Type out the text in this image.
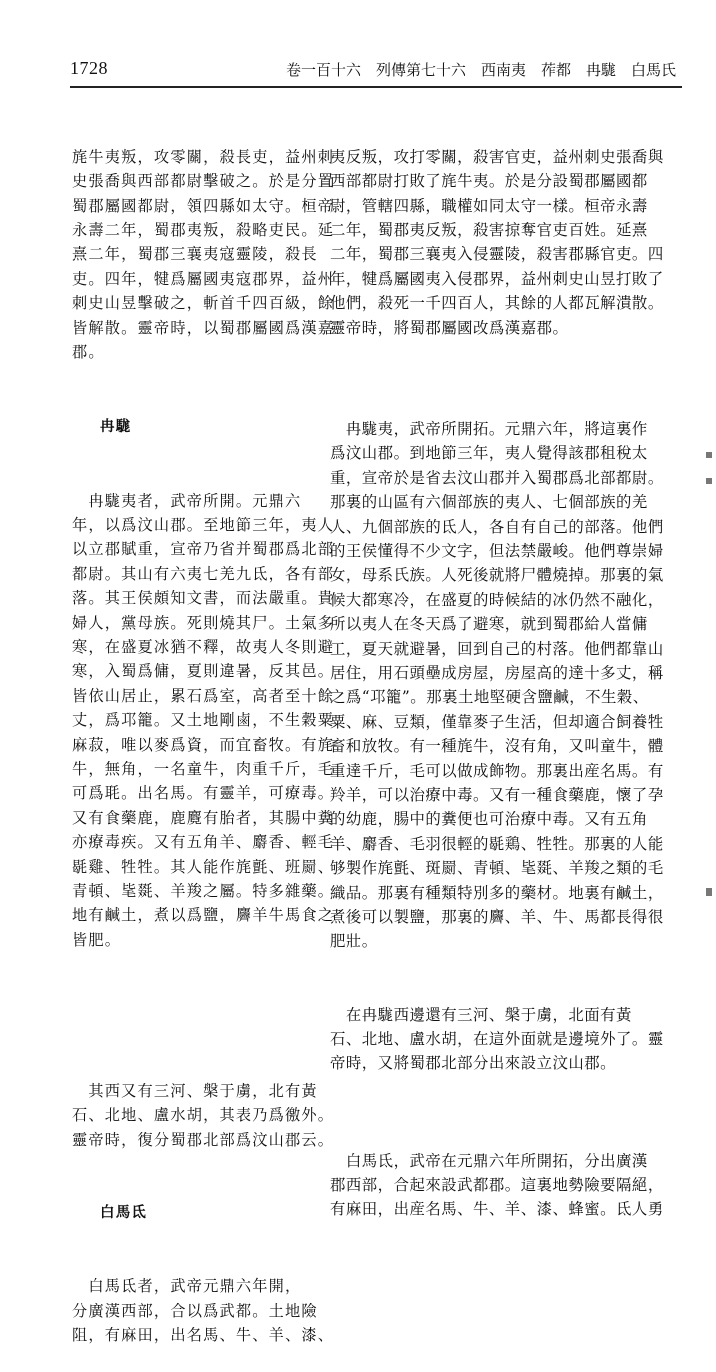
1728	卷一百十六　列傳第七十六　西南夷　莋都　冉駹　白馬氏

旄牛夷叛，攻零關，殺長吏，益州刺
史張喬與西部都尉擊破之。於是分置
蜀郡屬國都尉，領四縣如太守。桓帝
永壽二年，蜀郡夷叛，殺略吏民。延
熹二年，蜀郡三襄夷寇靈陵，殺長
吏。四年，犍爲屬國夷寇郡界，益州
刺史山昱擊破之，斬首千四百級，餘
皆解散。靈帝時，以蜀郡屬國爲漢嘉
郡。

冉駹

　冉駹夷者，武帝所開。元鼎六
年，以爲汶山郡。至地節三年，夷人
以立郡賦重，宣帝乃省并蜀郡爲北部
都尉。其山有六夷七羌九氐，各有部
落。其王侯頗知文書，而法嚴重。貴
婦人，黨母族。死則燒其尸。土氣多
寒，在盛夏冰猶不釋，故夷人冬則避
寒，入蜀爲傭，夏則違暑，反其邑。
皆依山居止，累石爲室，高者至十餘
丈，爲邛籠。又土地剛鹵，不生穀粟
麻菽，唯以麥爲資，而宜畜牧。有旄
牛，無角，一名童牛，肉重千斤，毛
可爲毦。出名馬。有靈羊，可療毒。
又有食藥鹿，鹿麑有胎者，其腸中糞
亦療毒疾。又有五角羊、麝香、輕毛
毼雞、牲牲。其人能作旄氈、班罽、
青頓、毞毲、羊羧之屬。特多雜藥。
地有鹹土，煮以爲鹽，麡羊牛馬食之
皆肥。

　其西又有三河、槃于虜，北有黃
石、北地、盧水胡，其表乃爲徼外。
靈帝時，復分蜀郡北部爲汶山郡云。

白馬氐

　白馬氐者，武帝元鼎六年開，
分廣漢西部，合以爲武都。土地險
阻，有麻田，出名馬、牛、羊、漆、

夷反叛，攻打零關，殺害官吏，益州刺史張喬與
西部都尉打敗了旄牛夷。於是分設蜀郡屬國都
尉，管轄四縣，職權如同太守一樣。桓帝永壽
二年，蜀郡夷反叛，殺害掠奪官吏百姓。延熹
二年，蜀郡三襄夷入侵靈陵，殺害郡縣官吏。四
年，犍爲屬國夷入侵郡界，益州刺史山昱打敗了
他們，殺死一千四百人，其餘的人都瓦解潰散。
靈帝時，將蜀郡屬國改爲漢嘉郡。

　冉駹夷，武帝所開拓。元鼎六年，將這裏作
爲汶山郡。到地節三年，夷人覺得該郡租稅太
重，宣帝於是省去汶山郡并入蜀郡爲北部都尉。
那裏的山區有六個部族的夷人、七個部族的羌
人、九個部族的氐人，各自有自己的部落。他們
的王侯懂得不少文字，但法禁嚴峻。他們尊崇婦
女，母系氏族。人死後就將尸體燒掉。那裏的氣
候大都寒冷，在盛夏的時候結的冰仍然不融化，
所以夷人在冬天爲了避寒，就到蜀郡給人當傭
工，夏天就避暑，回到自己的村落。他們都靠山
居住，用石頭壘成房屋，房屋高的達十多丈，稱
之爲“邛籠”。那裏土地堅硬含鹽鹹，不生穀、
粟、麻、豆類，僅靠麥子生活，但却適合飼養牲
畜和放牧。有一種旄牛，沒有角，又叫童牛，體
重達千斤，毛可以做成飾物。那裏出産名馬。有
羚羊，可以治療中毒。又有一種食藥鹿，懷了孕
的幼鹿，腸中的糞便也可治療中毒。又有五角
羊、麝香、毛羽很輕的毼鶏、牲牲。那裏的人能
够製作旄氈、斑罽、青頓、毞毲、羊羧之類的毛
織品。那裏有種類特別多的藥材。地裏有鹹土，
煮後可以製鹽，那裏的麡、羊、牛、馬都長得很
肥壯。

　在冉駹西邊還有三河、槃于虜，北面有黃
石、北地、盧水胡，在這外面就是邊境外了。靈
帝時，又將蜀郡北部分出來設立汶山郡。

　白馬氐，武帝在元鼎六年所開拓，分出廣漢
郡西部，合起來設武都郡。這裏地勢險要隔絕，
有麻田，出産名馬、牛、羊、漆、蜂蜜。氐人勇
